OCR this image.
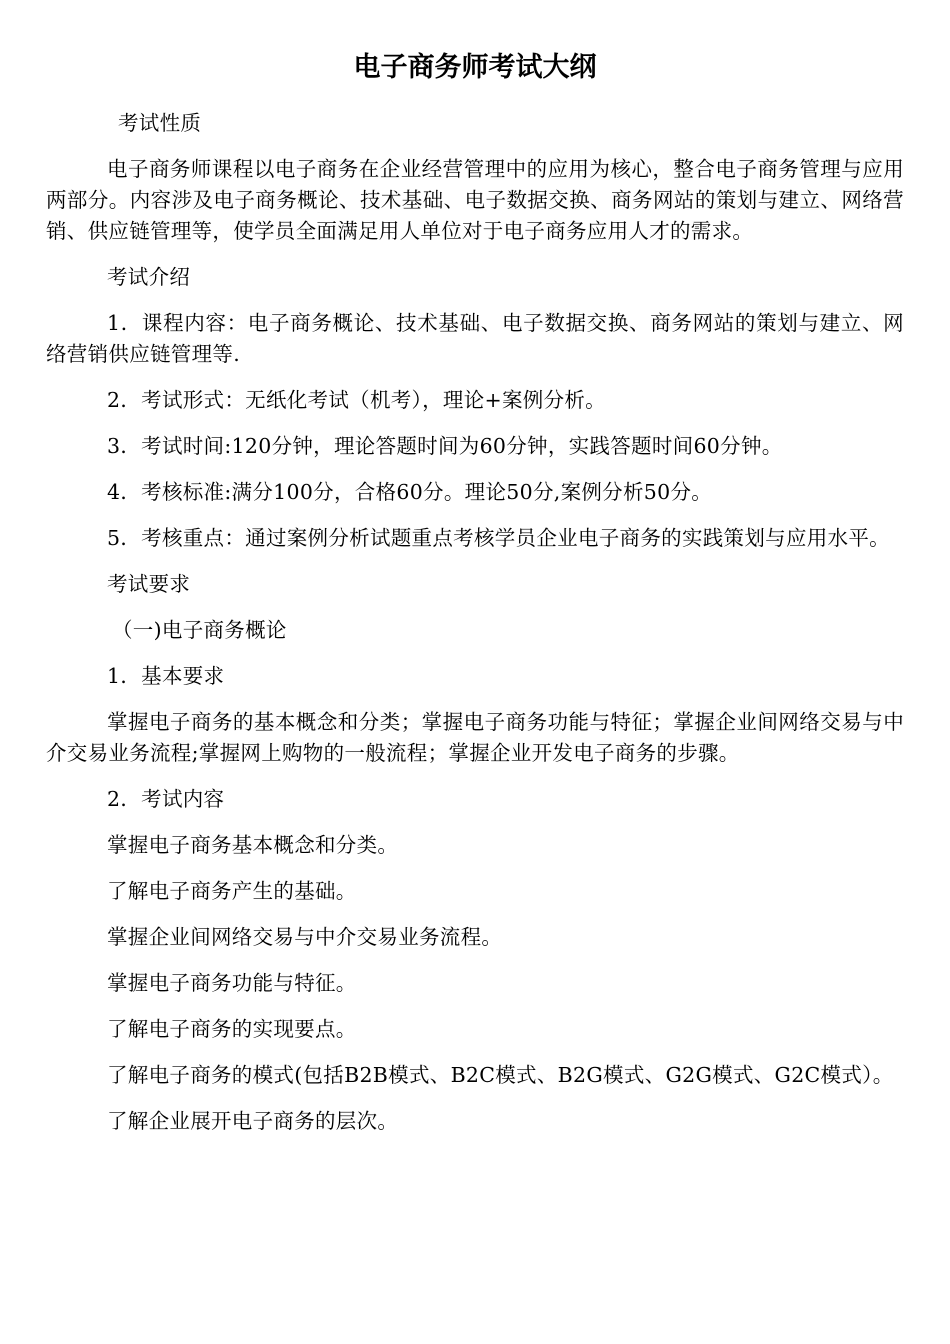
电子商务师考试大纲
考试性质
电子商务师课程以电子商务在企业经营管理中的应用为核心，整合电子商务管理与应用两部分。内容涉及电子商务概论、技术基础、电子数据交换、商务网站的策划与建立、网络营销、供应链管理等，使学员全面满足用人单位对于电子商务应用人才的需求。
考试介绍
1．课程内容：电子商务概论、技术基础、电子数据交换、商务网站的策划与建立、网络营销供应链管理等.
2．考试形式：无纸化考试（机考），理论+案例分析。
3．考试时间:120分钟，理论答题时间为60分钟，实践答题时间60分钟。
4．考核标准:满分100分，合格60分。理论50分,案例分析50分。
5．考核重点：通过案例分析试题重点考核学员企业电子商务的实践策划与应用水平。
考试要求
（一)电子商务概论
1．基本要求
掌握电子商务的基本概念和分类；掌握电子商务功能与特征；掌握企业间网络交易与中介交易业务流程;掌握网上购物的一般流程；掌握企业开发电子商务的步骤。
2．考试内容
掌握电子商务基本概念和分类。
了解电子商务产生的基础。
掌握企业间网络交易与中介交易业务流程。
掌握电子商务功能与特征。
了解电子商务的实现要点。
了解电子商务的模式(包括B2B模式、B2C模式、B2G模式、G2G模式、G2C模式）。
了解企业展开电子商务的层次。
